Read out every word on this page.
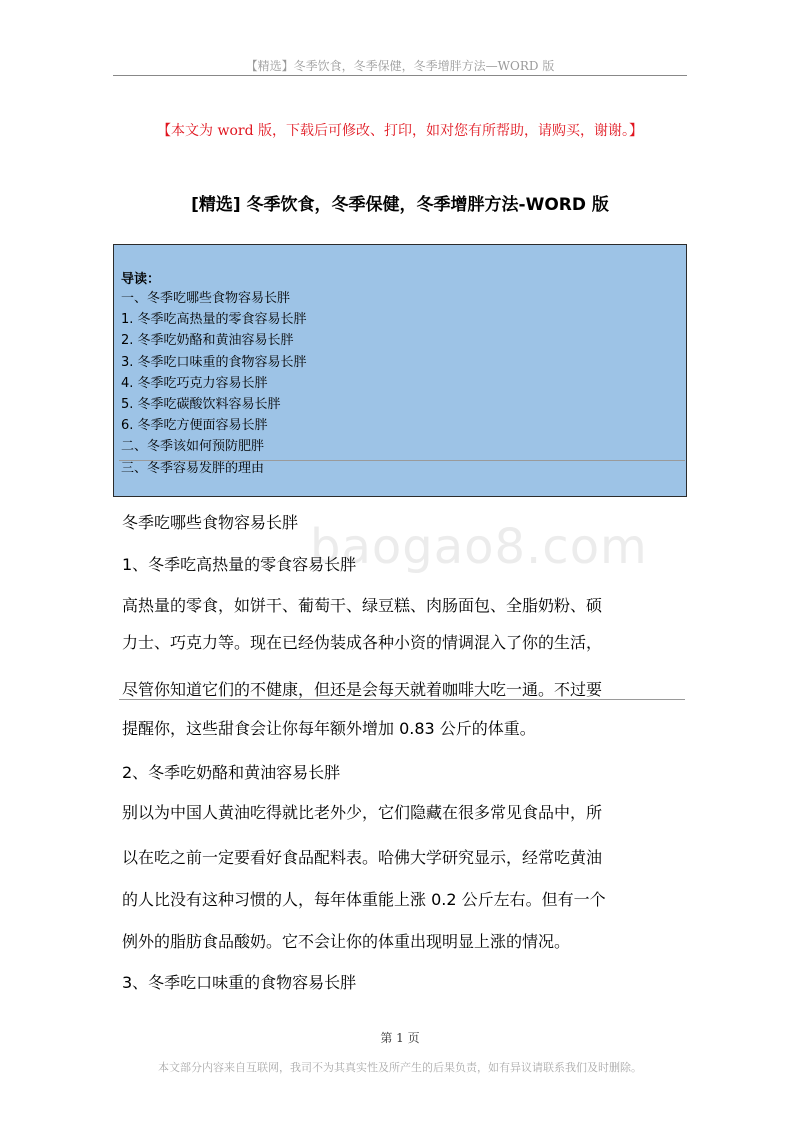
【精选】冬季饮食，冬季保健，冬季增胖方法—WORD 版
【本文为 word 版，下载后可修改、打印，如对您有所帮助，请购买，谢谢。】
[精选] 冬季饮食，冬季保健，冬季增胖方法-WORD 版
导读：
一、冬季吃哪些食物容易长胖
1. 冬季吃高热量的零食容易长胖
2. 冬季吃奶酪和黄油容易长胖
3. 冬季吃口味重的食物容易长胖
4. 冬季吃巧克力容易长胖
5. 冬季吃碳酸饮料容易长胖
6. 冬季吃方便面容易长胖
二、冬季该如何预防肥胖
三、冬季容易发胖的理由
baogao8.com
冬季吃哪些食物容易长胖
1、冬季吃高热量的零食容易长胖
高热量的零食，如饼干、葡萄干、绿豆糕、肉肠面包、全脂奶粉、硕
力士、巧克力等。现在已经伪装成各种小资的情调混入了你的生活，
尽管你知道它们的不健康，但还是会每天就着咖啡大吃一通。不过要
提醒你，这些甜食会让你每年额外增加 0.83 公斤的体重。
2、冬季吃奶酪和黄油容易长胖
别以为中国人黄油吃得就比老外少，它们隐藏在很多常见食品中，所
以在吃之前一定要看好食品配料表。哈佛大学研究显示，经常吃黄油
的人比没有这种习惯的人，每年体重能上涨 0.2 公斤左右。但有一个
例外的脂肪食品酸奶。它不会让你的体重出现明显上涨的情况。
3、冬季吃口味重的食物容易长胖
第 1 页
本文部分内容来自互联网，我司不为其真实性及所产生的后果负责，如有异议请联系我们及时删除。
